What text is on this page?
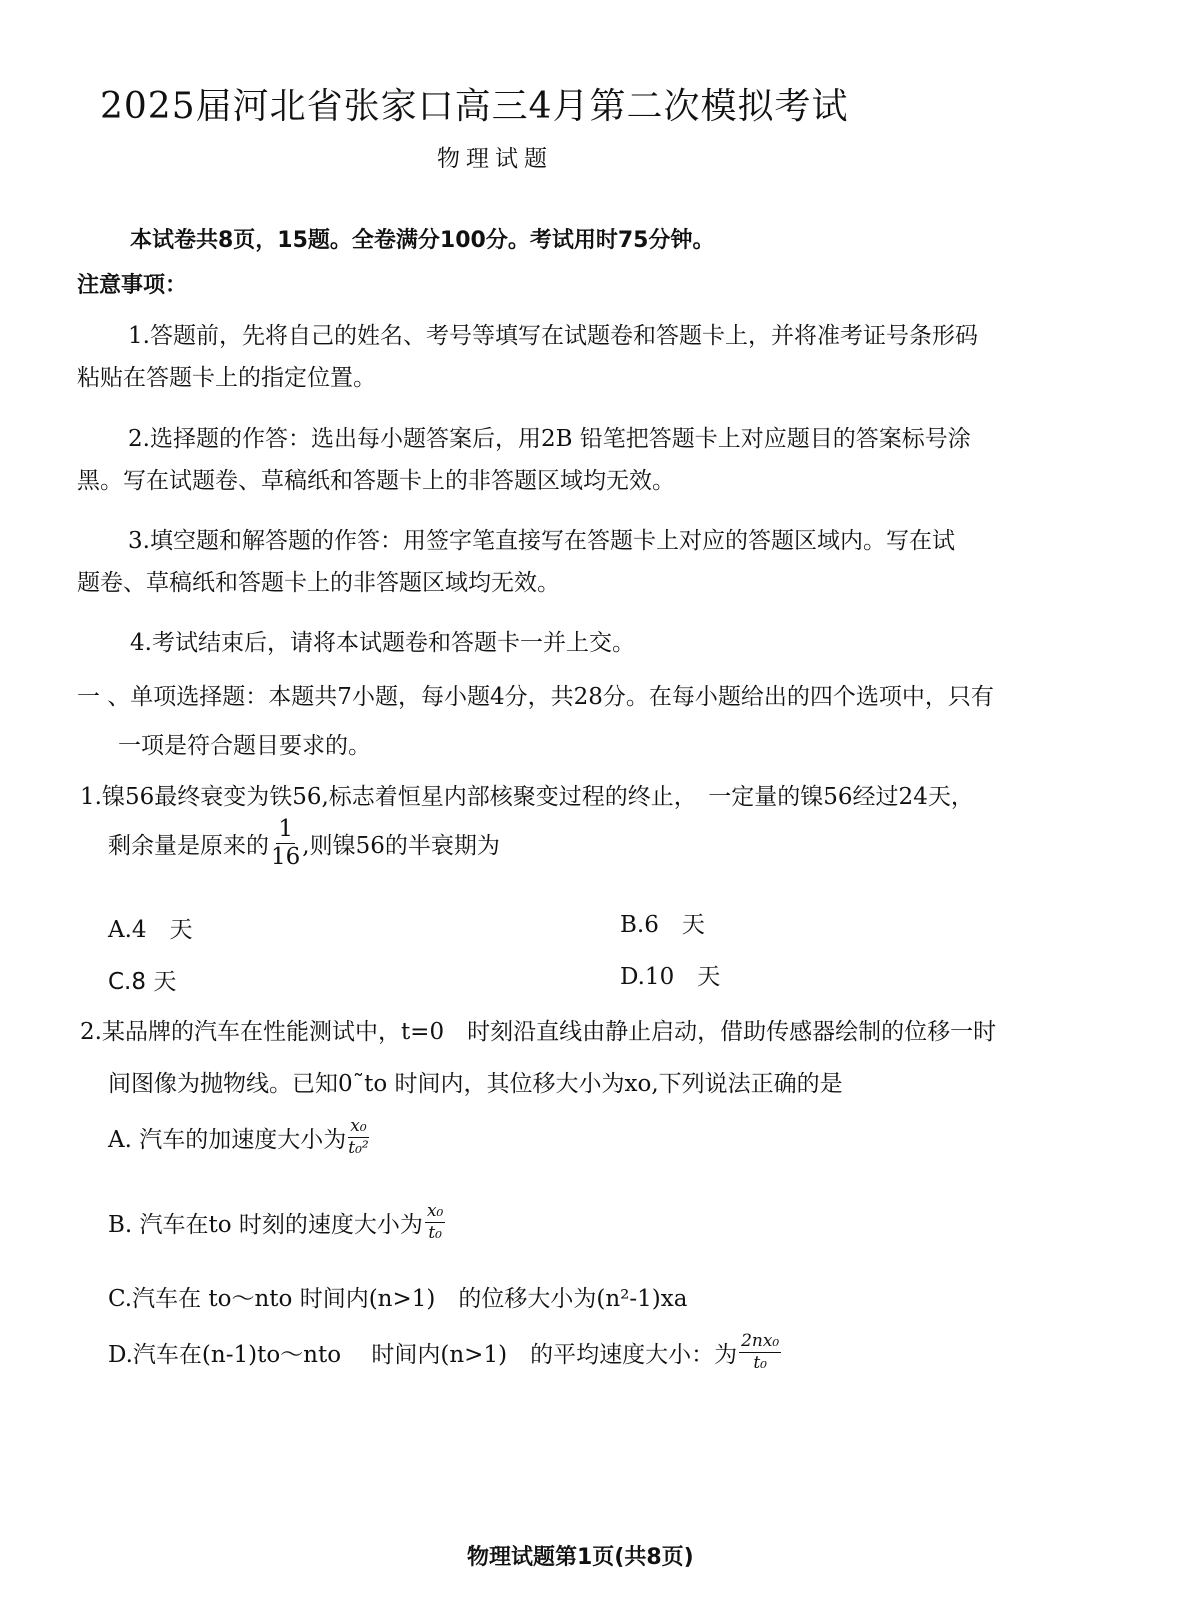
2025届河北省张家口高三4月第二次模拟考试
物理试题
本试卷共8页，15题。全卷满分100分。考试用时75分钟。
注意事项：
1.答题前，先将自己的姓名、考号等填写在试题卷和答题卡上，并将准考证号条形码
粘贴在答题卡上的指定位置。
2.选择题的作答：选出每小题答案后，用2B 铅笔把答题卡上对应题目的答案标号涂
黑。写在试题卷、草稿纸和答题卡上的非答题区域均无效。
3.填空题和解答题的作答：用签字笔直接写在答题卡上对应的答题区域内。写在试
题卷、草稿纸和答题卡上的非答题区域均无效。
4.考试结束后，请将本试题卷和答题卡一并上交。
一 、单项选择题：本题共7小题，每小题4分，共28分。在每小题给出的四个选项中，只有
一项是符合题目要求的。
1.镍56最终衰变为铁56,标志着恒星内部核聚变过程的终止，　一定量的镍56经过24天，
剩余量是原来的 $\frac{1}{16}$ ,则镍56的半衰期为
A.4　天	B.6　天
C.8 天	D.10　天
2.某品牌的汽车在性能测试中，t=0　时刻沿直线由静止启动，借助传感器绘制的位移一时
间图像为抛物线。已知0˜to 时间内，其位移大小为xo,下列说法正确的是
A. 汽车的加速度大小为 $\frac{\text{x₀}}{\text{t₀²}}$
B. 汽车在to 时刻的速度大小为 $\frac{\text{x₀}}{\text{t₀}}$
C.汽车在 to～nto 时间内(n>1)　的位移大小为(n²-1)xa
D.汽车在(n-1)to～nto　 时间内(n>1)　的平均速度大小：为 $\frac{\text{2nx₀}}{\text{t₀}}$
物理试题第1页(共8页)
